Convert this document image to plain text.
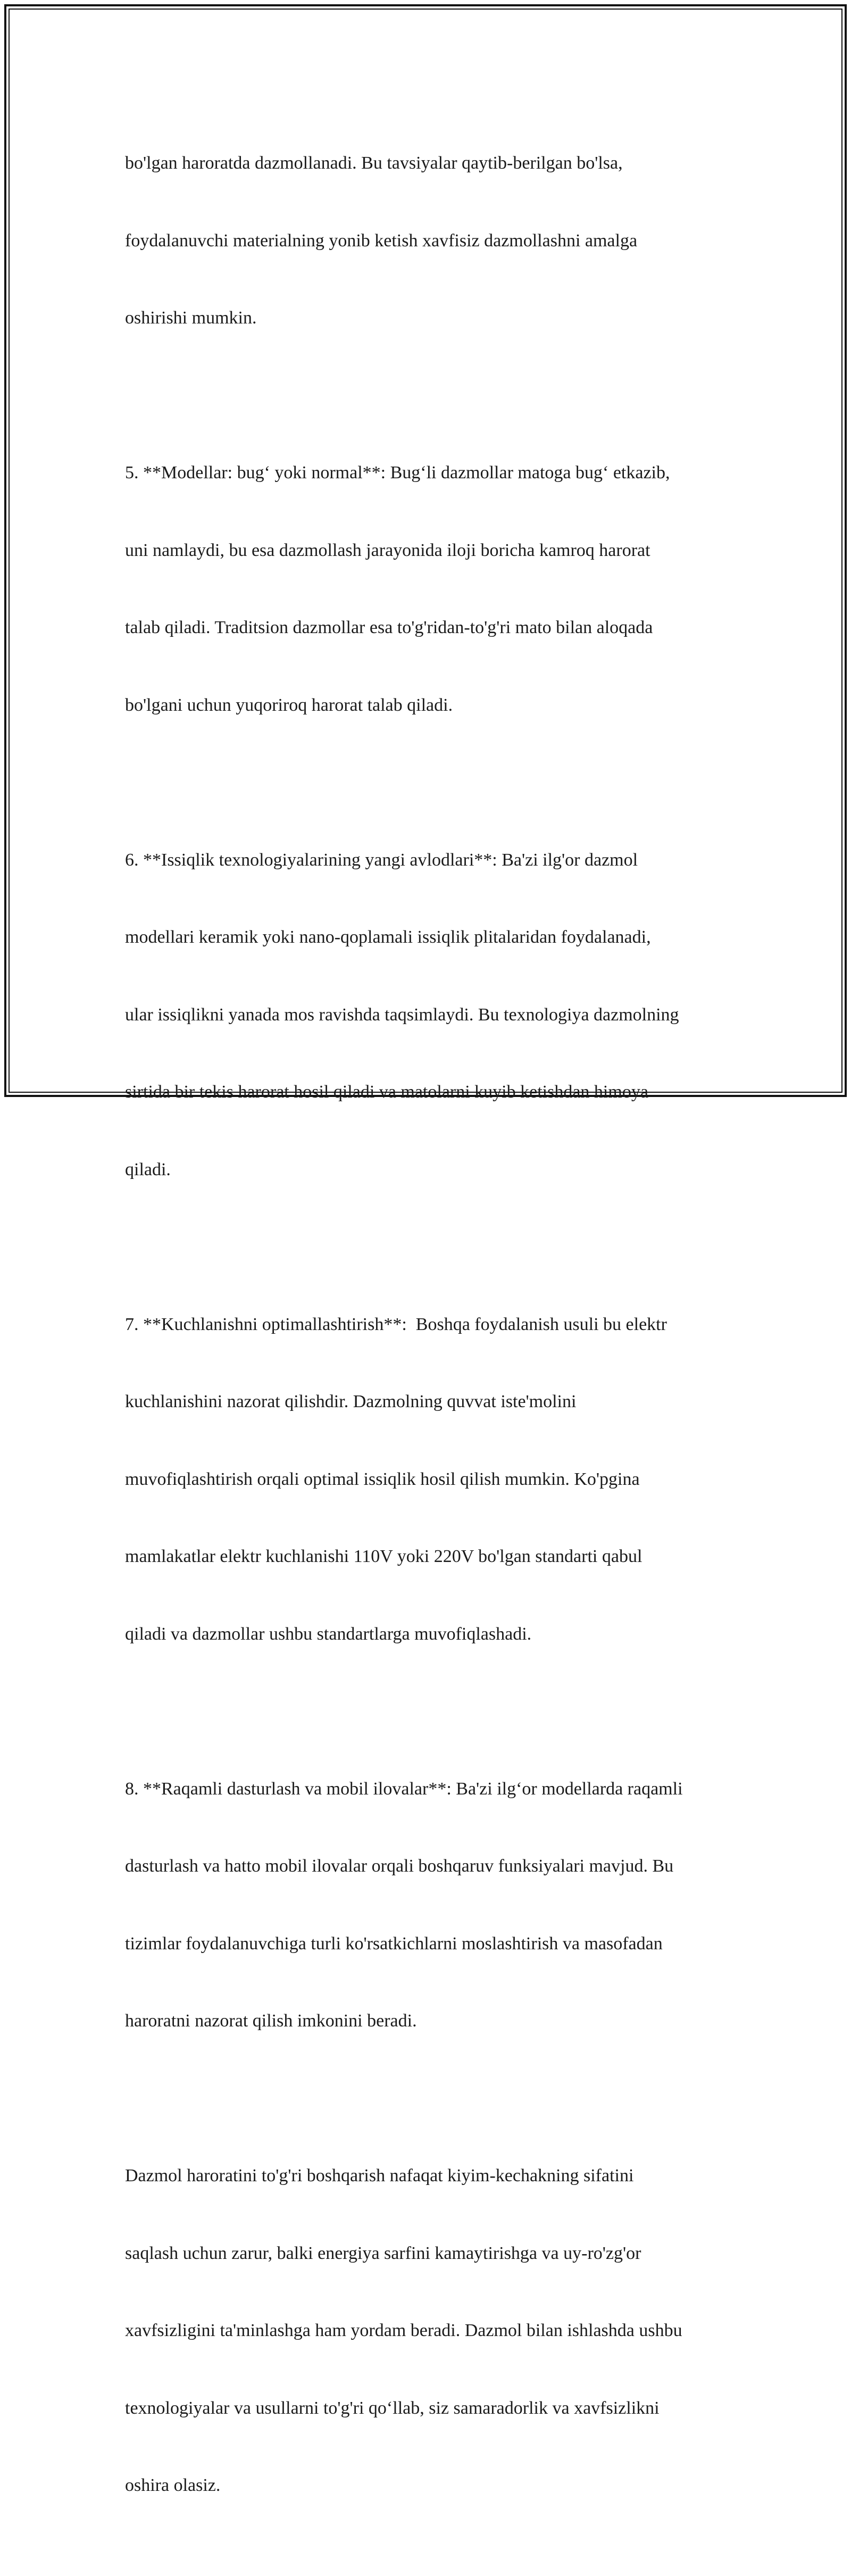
bo'lgan haroratda dazmollanadi. Bu tavsiyalar qaytib-berilgan bo'lsa,

foydalanuvchi materialning yonib ketish xavfisiz dazmollashni amalga

oshirishi mumkin.

5. **Modellar: bug‘ yoki normal**: Bug‘li dazmollar matoga bug‘ etkazib,

uni namlaydi, bu esa dazmollash jarayonida iloji boricha kamroq harorat

talab qiladi. Traditsion dazmollar esa to'g'ridan-to'g'ri mato bilan aloqada

bo'lgani uchun yuqoriroq harorat talab qiladi.

6. **Issiqlik texnologiyalarining yangi avlodlari**: Ba'zi ilg'or dazmol

modellari keramik yoki nano-qoplamali issiqlik plitalaridan foydalanadi,

ular issiqlikni yanada mos ravishda taqsimlaydi. Bu texnologiya dazmolning

sirtida bir tekis harorat hosil qiladi va matolarni kuyib ketishdan himoya

qiladi.

7. **Kuchlanishni optimallashtirish**:  Boshqa foydalanish usuli bu elektr

kuchlanishini nazorat qilishdir. Dazmolning quvvat iste'molini

muvofiqlashtirish orqali optimal issiqlik hosil qilish mumkin. Ko'pgina

mamlakatlar elektr kuchlanishi 110V yoki 220V bo'lgan standarti qabul

qiladi va dazmollar ushbu standartlarga muvofiqlashadi.

8. **Raqamli dasturlash va mobil ilovalar**: Ba'zi ilg‘or modellarda raqamli

dasturlash va hatto mobil ilovalar orqali boshqaruv funksiyalari mavjud. Bu

tizimlar foydalanuvchiga turli ko'rsatkichlarni moslashtirish va masofadan

haroratni nazorat qilish imkonini beradi.

Dazmol haroratini to'g'ri boshqarish nafaqat kiyim-kechakning sifatini

saqlash uchun zarur, balki energiya sarfini kamaytirishga va uy-ro'zg'or

xavfsizligini ta'minlashga ham yordam beradi. Dazmol bilan ishlashda ushbu

texnologiyalar va usullarni to'g'ri qo‘llab, siz samaradorlik va xavfsizlikni

oshira olasiz.
